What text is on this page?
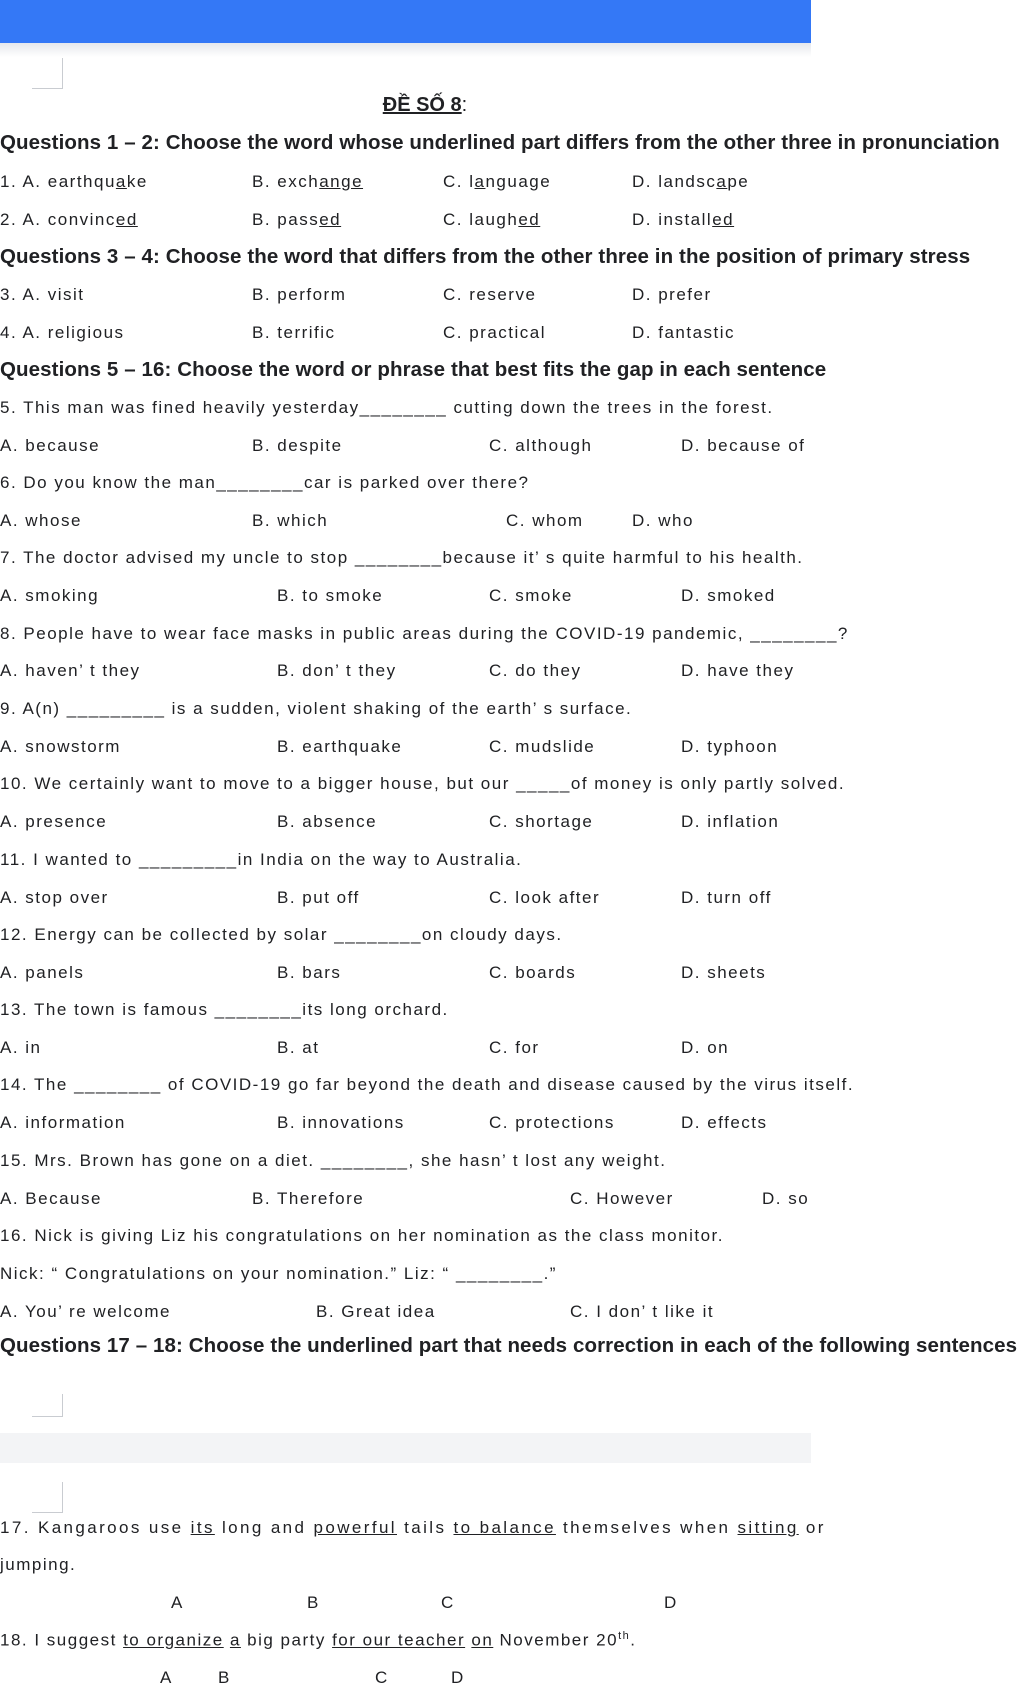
ĐỀ SỐ 8:
Questions 1 – 2: Choose the word whose underlined part differs from the other three in pronunciation
1. A. earthquake	B. exchange	C. language	D. landscape
2. A. convinced	B. passed	C. laughed	D. installed
Questions 3 – 4: Choose the word that differs from the other three in the position of primary stress
3. A. visit	B. perform	C. reserve	D. prefer
4. A. religious	B. terrific	C. practical	D. fantastic
Questions 5 – 16: Choose the word or phrase that best fits the gap in each sentence
5. This man was fined heavily yesterday________ cutting down the trees in the forest.
A. because	B. despite	C. although	D. because of
6. Do you know the man________car is parked over there?
A. whose	B. which	C. whom	D. who
7. The doctor advised my uncle to stop ________because it’ s quite harmful to his health.
A. smoking	B. to smoke	C. smoke	D. smoked
8. People have to wear face masks in public areas during the COVID-19 pandemic, ________?
A. haven’ t they	B. don’ t they	C. do they	D. have they
9. A(n) _________ is a sudden, violent shaking of the earth’ s surface.
A. snowstorm	B. earthquake	C. mudslide	D. typhoon
10. We certainly want to move to a bigger house, but our _____of money is only partly solved.
A. presence	B. absence	C. shortage	D. inflation
11. I wanted to _________in India on the way to Australia.
A. stop over	B. put off	C. look after	D. turn off
12. Energy can be collected by solar ________on cloudy days.
A. panels	B. bars	C. boards	D. sheets
13. The town is famous ________its long orchard.
A. in	B. at	C. for	D. on
14. The ________ of COVID-19 go far beyond the death and disease caused by the virus itself.
A. information	B. innovations	C. protections	D. effects
15. Mrs. Brown has gone on a diet. ________, she hasn’ t lost any weight.
A. Because	B. Therefore	C. However	D. so
16. Nick is giving Liz his congratulations on her nomination as the class monitor.
Nick: “ Congratulations on your nomination.” Liz: “ ________.”
A. You’ re welcome	B. Great idea	C. I don’ t like it
Questions 17 – 18: Choose the underlined part that needs correction in each of the following sentences
17. Kangaroos use its long and powerful tails to balance themselves when sitting or
jumping.
A	B	C	D
18. I suggest to organize a big party for our teacher on November 20th.
A	B	C	D
